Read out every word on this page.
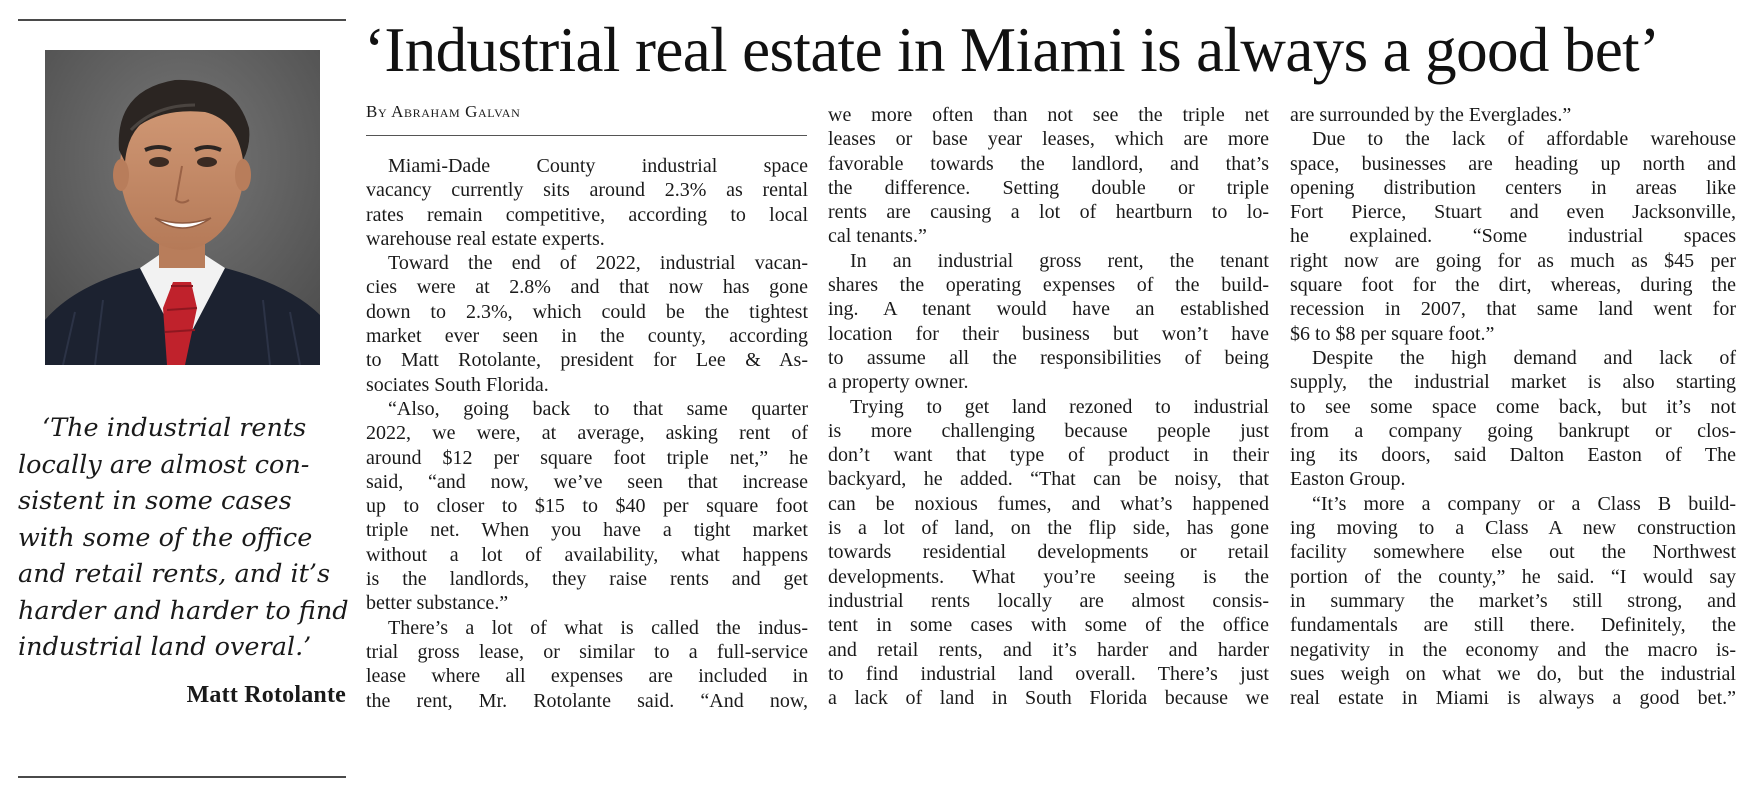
‘The industrial rents
locally are almost con-
sistent in some cases
with some of the office
and retail rents, and it’s
harder and harder to find
industrial land overal.’
Matt Rotolante
‘Industrial real estate in Miami is always a good bet’
By Abraham Galvan
Miami-Dade County industrial space
vacancy currently sits around 2.3% as rental
rates remain competitive, according to local
warehouse real estate experts.
Toward the end of 2022, industrial vacan-
cies were at 2.8% and that now has gone
down to 2.3%, which could be the tightest
market ever seen in the county, according
to Matt Rotolante, president for Lee & As-
sociates South Florida.
“Also, going back to that same quarter
2022, we were, at average, asking rent of
around $12 per square foot triple net,” he
said, “and now, we’ve seen that increase
up to closer to $15 to $40 per square foot
triple net. When you have a tight market
without a lot of availability, what happens
is the landlords, they raise rents and get
better substance.”
There’s a lot of what is called the indus-
trial gross lease, or similar to a full-service
lease where all expenses are included in
the rent, Mr. Rotolante said. “And now,
we more often than not see the triple net
leases or base year leases, which are more
favorable towards the landlord, and that’s
the difference. Setting double or triple
rents are causing a lot of heartburn to lo-
cal tenants.”
In an industrial gross rent, the tenant
shares the operating expenses of the build-
ing. A tenant would have an established
location for their business but won’t have
to assume all the responsibilities of being
a property owner.
Trying to get land rezoned to industrial
is more challenging because people just
don’t want that type of product in their
backyard, he added. “That can be noisy, that
can be noxious fumes, and what’s happened
is a lot of land, on the flip side, has gone
towards residential developments or retail
developments. What you’re seeing is the
industrial rents locally are almost consis-
tent in some cases with some of the office
and retail rents, and it’s harder and harder
to find industrial land overall. There’s just
a lack of land in South Florida because we
are surrounded by the Everglades.”
Due to the lack of affordable warehouse
space, businesses are heading up north and
opening distribution centers in areas like
Fort Pierce, Stuart and even Jacksonville,
he explained. “Some industrial spaces
right now are going for as much as $45 per
square foot for the dirt, whereas, during the
recession in 2007, that same land went for
$6 to $8 per square foot.”
Despite the high demand and lack of
supply, the industrial market is also starting
to see some space come back, but it’s not
from a company going bankrupt or clos-
ing its doors, said Dalton Easton of The
Easton Group.
“It’s more a company or a Class B build-
ing moving to a Class A new construction
facility somewhere else out the Northwest
portion of the county,” he said. “I would say
in summary the market’s still strong, and
fundamentals are still there. Definitely, the
negativity in the economy and the macro is-
sues weigh on what we do, but the industrial
real estate in Miami is always a good bet.”
